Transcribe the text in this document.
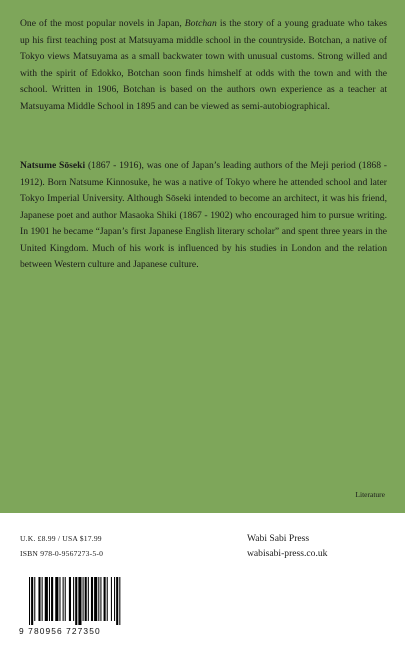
One of the most popular novels in Japan, Botchan is the story of a young graduate who takes up his first teaching post at Matsuyama middle school in the countryside. Botchan, a native of Tokyo views Matsuyama as a small backwater town with unusual customs. Strong willed and with the spirit of Edokko, Botchan soon finds himshelf at odds with the town and with the school. Written in 1906, Botchan is based on the authors own experience as a teacher at Matsuyama Middle School in 1895 and can be viewed as semi-autobiographical.

Natsume Sōseki (1867 - 1916), was one of Japan’s leading authors of the Meji period (1868 - 1912). Born Natsume Kinnosuke, he was a native of Tokyo where he attended school and later Tokyo Imperial University. Although Sōseki intended to become an architect, it was his friend, Japanese poet and author Masaoka Shiki (1867 - 1902) who encouraged him to pursue writing. In 1901 he became “Japan’s first Japanese English literary scholar” and spent three years in the United Kingdom. Much of his work is influenced by his studies in London and the relation between Western culture and Japanese culture.

Literature
U.K. £8.99 / USA $17.99
ISBN 978-0-9567273-5-0
Wabi Sabi Press
wabisabi-press.co.uk
9 780956 727350
